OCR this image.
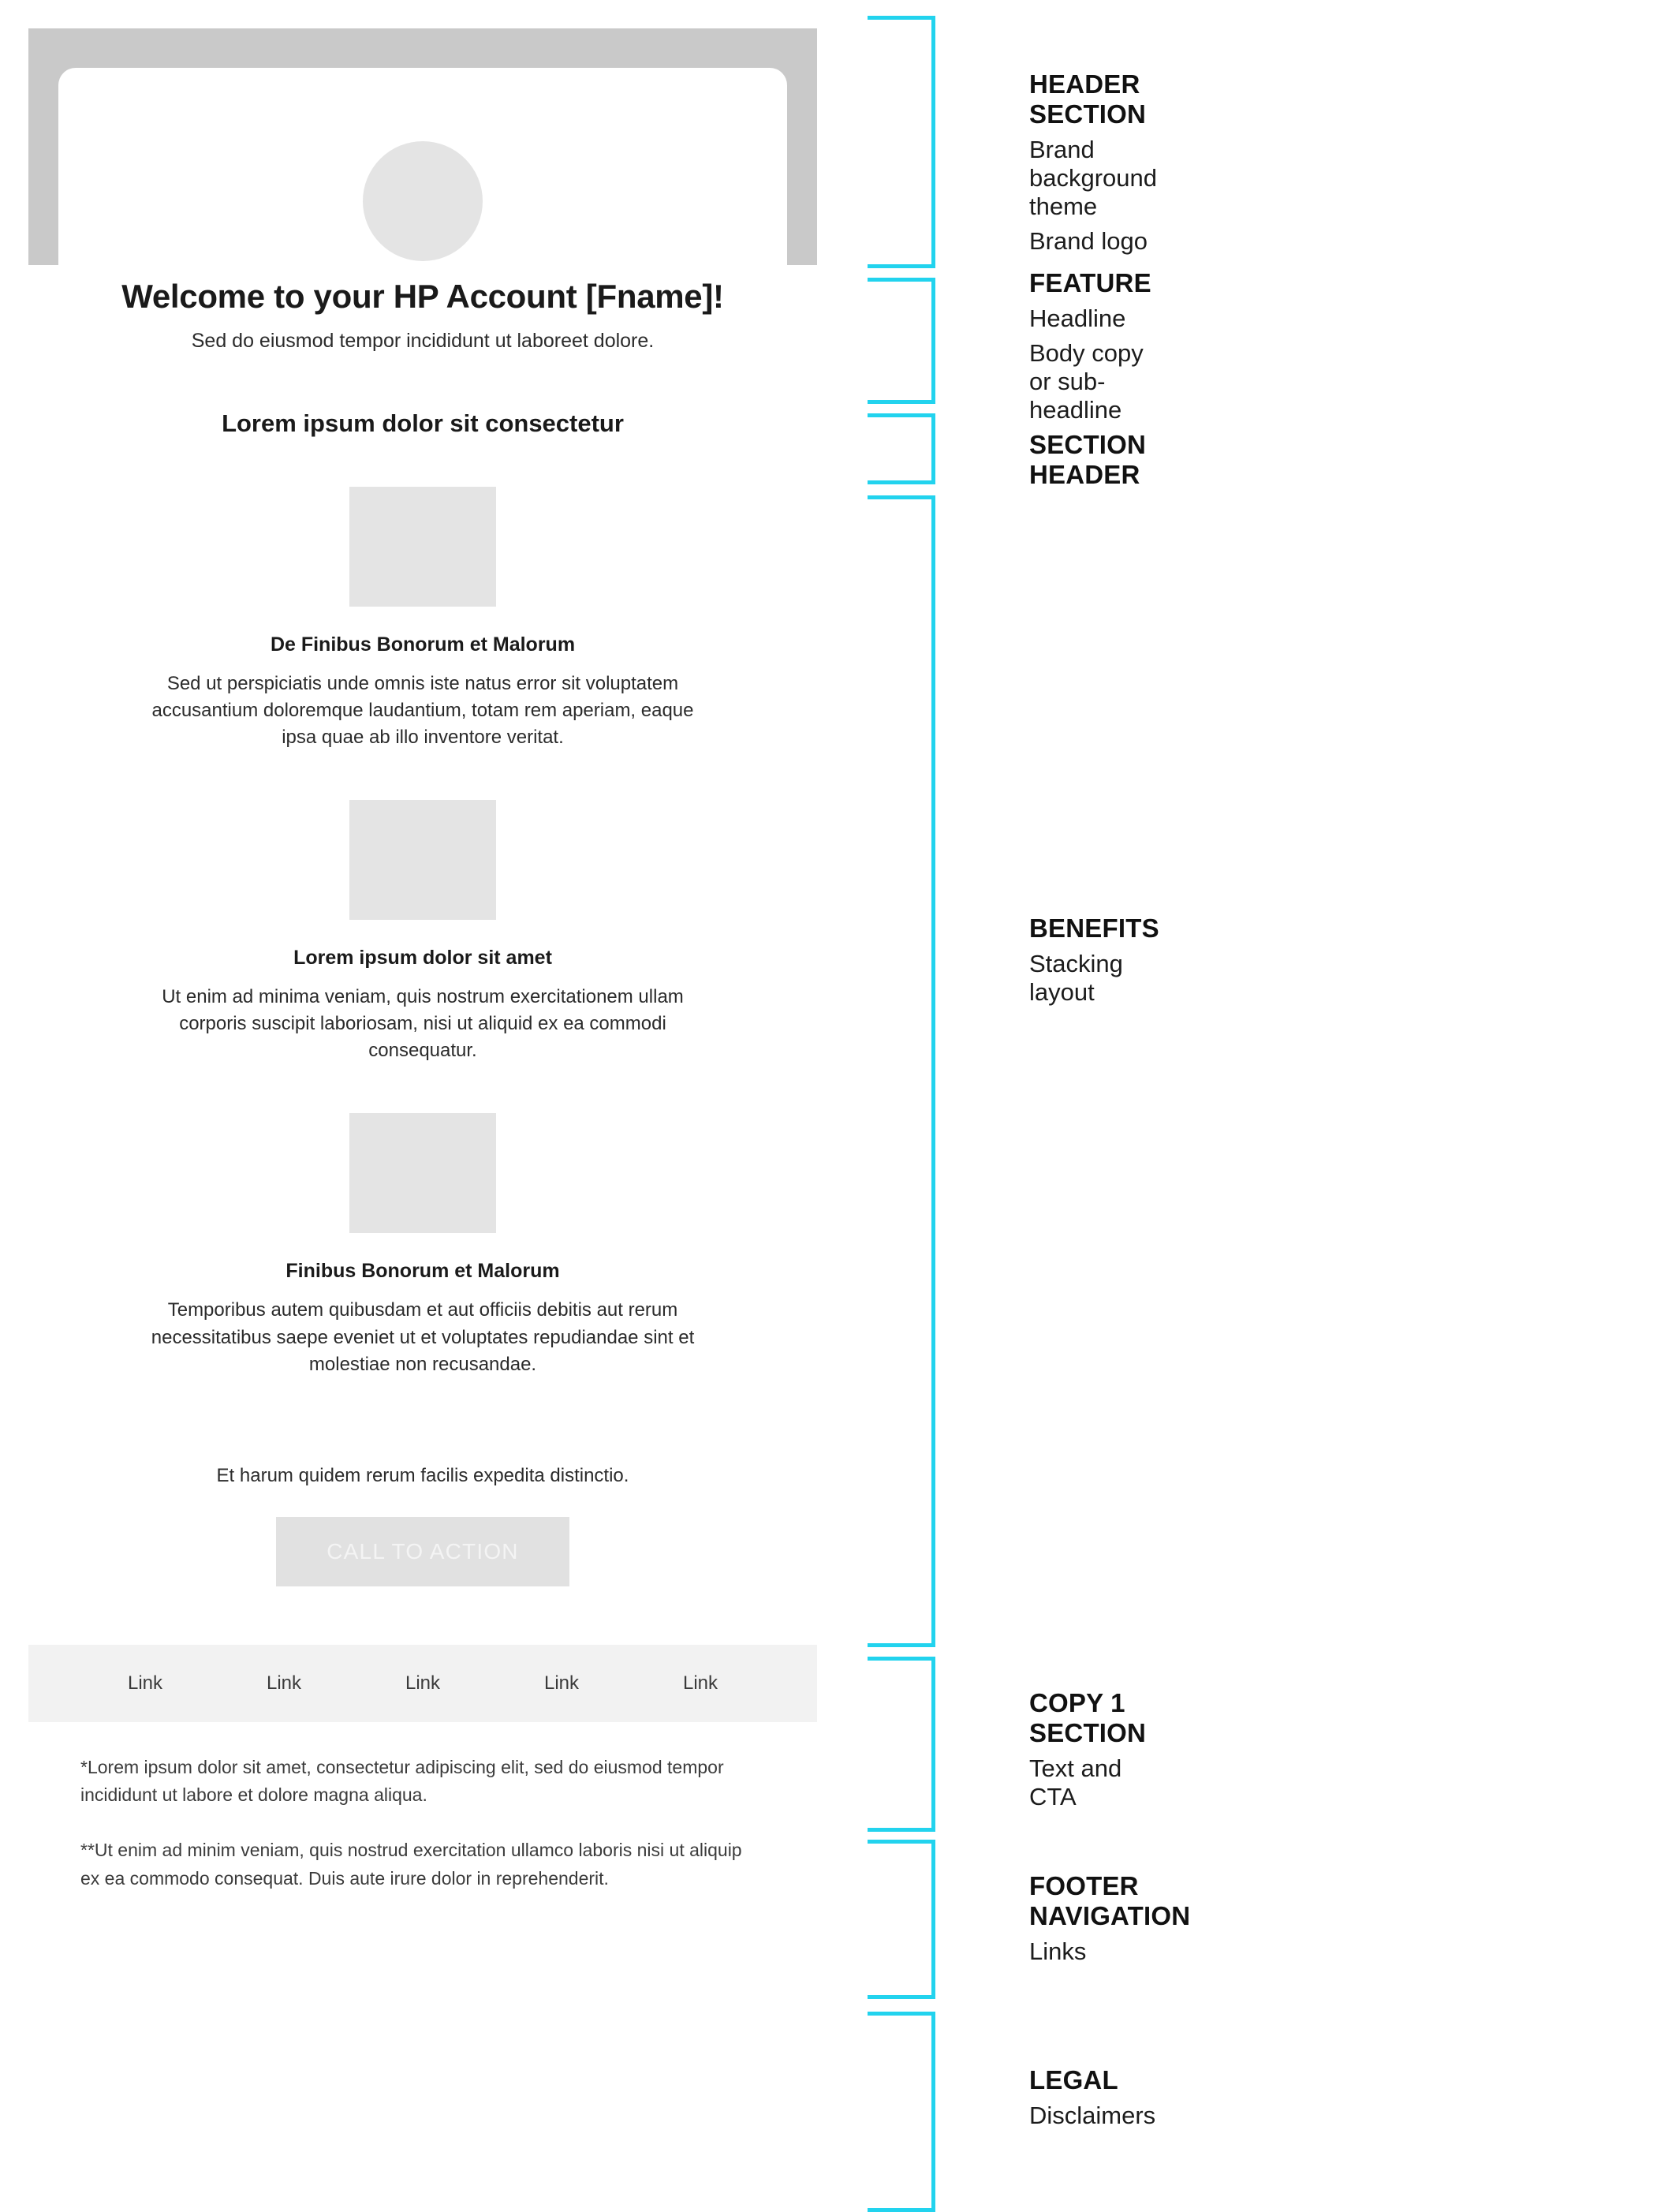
Welcome to your HP Account [Fname]!

Sed do eiusmod tempor incididunt ut laboreet dolore.

Lorem ipsum dolor sit consectetur
De Finibus Bonorum et Malorum

Sed ut perspiciatis unde omnis iste natus error sit voluptatem accusantium doloremque laudantium, totam rem aperiam, eaque ipsa quae ab illo inventore veritat.

Lorem ipsum dolor sit amet

Ut enim ad minima veniam, quis nostrum exercitationem ullam corporis suscipit laboriosam, nisi ut aliquid ex ea commodi consequatur.

Finibus Bonorum et Malorum

Temporibus autem quibusdam et aut officiis debitis aut rerum necessitatibus saepe eveniet ut et voluptates repudiandae sint et molestiae non recusandae.

Et harum quidem rerum facilis expedita distinctio.

CALL TO ACTION
Link	Link	Link	Link	Link

*Lorem ipsum dolor sit amet, consectetur adipiscing elit, sed do eiusmod tempor incididunt ut labore et dolore magna aliqua.

**Ut enim ad minim veniam, quis nostrud exercitation ullamco laboris nisi ut aliquip ex ea commodo consequat. Duis aute irure dolor in reprehenderit.

HEADER SECTION

Brand background theme

Brand logo

FEATURE

Headline

Body copy or sub-headline

SECTION HEADER

BENEFITS

Stacking layout

COPY 1 SECTION

Text and CTA

FOOTER NAVIGATION

Links

LEGAL

Disclaimers
